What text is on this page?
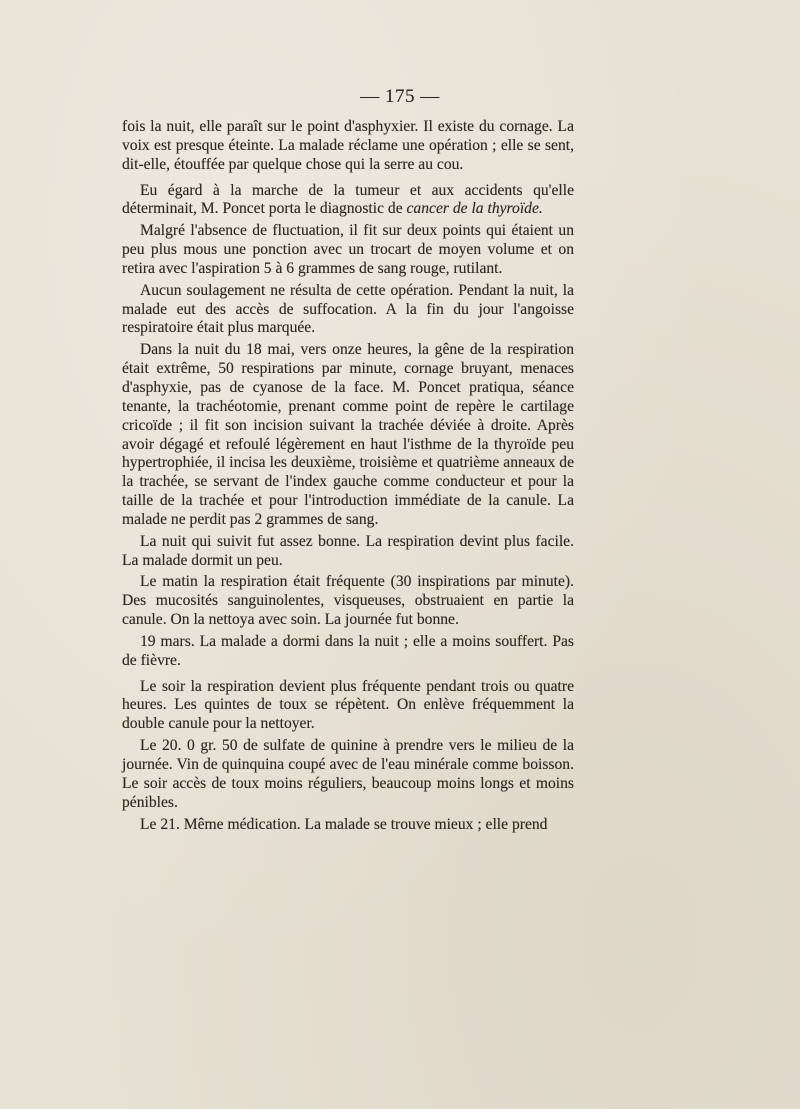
— 175 —

fois la nuit, elle paraît sur le point d'asphyxier. Il existe du cornage. La voix est presque éteinte. La malade réclame une opération ; elle se sent, dit-elle, étouffée par quelque chose qui la serre au cou.

Eu égard à la marche de la tumeur et aux accidents qu'elle déterminait, M. Poncet porta le diagnostic de cancer de la thyroïde.

Malgré l'absence de fluctuation, il fit sur deux points qui étaient un peu plus mous une ponction avec un trocart de moyen volume et on retira avec l'aspiration 5 à 6 grammes de sang rouge, rutilant.

Aucun soulagement ne résulta de cette opération. Pendant la nuit, la malade eut des accès de suffocation. A la fin du jour l'angoisse respiratoire était plus marquée.

Dans la nuit du 18 mai, vers onze heures, la gêne de la respiration était extrême, 50 respirations par minute, cornage bruyant, menaces d'asphyxie, pas de cyanose de la face. M. Poncet pratiqua, séance tenante, la trachéotomie, prenant comme point de repère le cartilage cricoïde ; il fit son incision suivant la trachée déviée à droite. Après avoir dégagé et refoulé légèrement en haut l'isthme de la thyroïde peu hypertrophiée, il incisa les deuxième, troisième et quatrième anneaux de la trachée, se servant de l'index gauche comme conducteur et pour la taille de la trachée et pour l'introduction immédiate de la canule. La malade ne perdit pas 2 grammes de sang.

La nuit qui suivit fut assez bonne. La respiration devint plus facile. La malade dormit un peu.

Le matin la respiration était fréquente (30 inspirations par minute). Des mucosités sanguinolentes, visqueuses, obstruaient en partie la canule. On la nettoya avec soin. La journée fut bonne.

19 mars. La malade a dormi dans la nuit ; elle a moins souffert. Pas de fièvre.

Le soir la respiration devient plus fréquente pendant trois ou quatre heures. Les quintes de toux se répètent. On enlève fréquemment la double canule pour la nettoyer.

Le 20. 0 gr. 50 de sulfate de quinine à prendre vers le milieu de la journée. Vin de quinquina coupé avec de l'eau minérale comme boisson. Le soir accès de toux moins réguliers, beaucoup moins longs et moins pénibles.

Le 21. Même médication. La malade se trouve mieux ; elle prend
